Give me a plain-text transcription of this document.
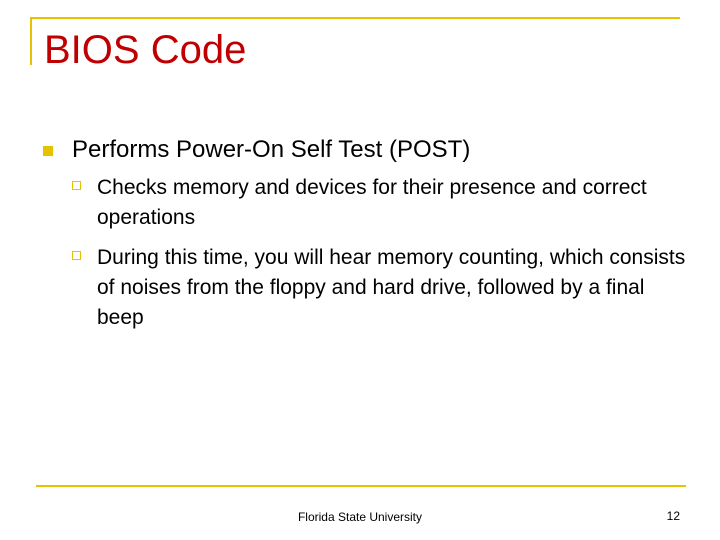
BIOS Code
Performs Power-On Self Test (POST)
Checks memory and devices for their presence and correct operations
During this time, you will hear memory counting, which consists of noises from the floppy and hard drive, followed by a final beep
Florida State University	12
